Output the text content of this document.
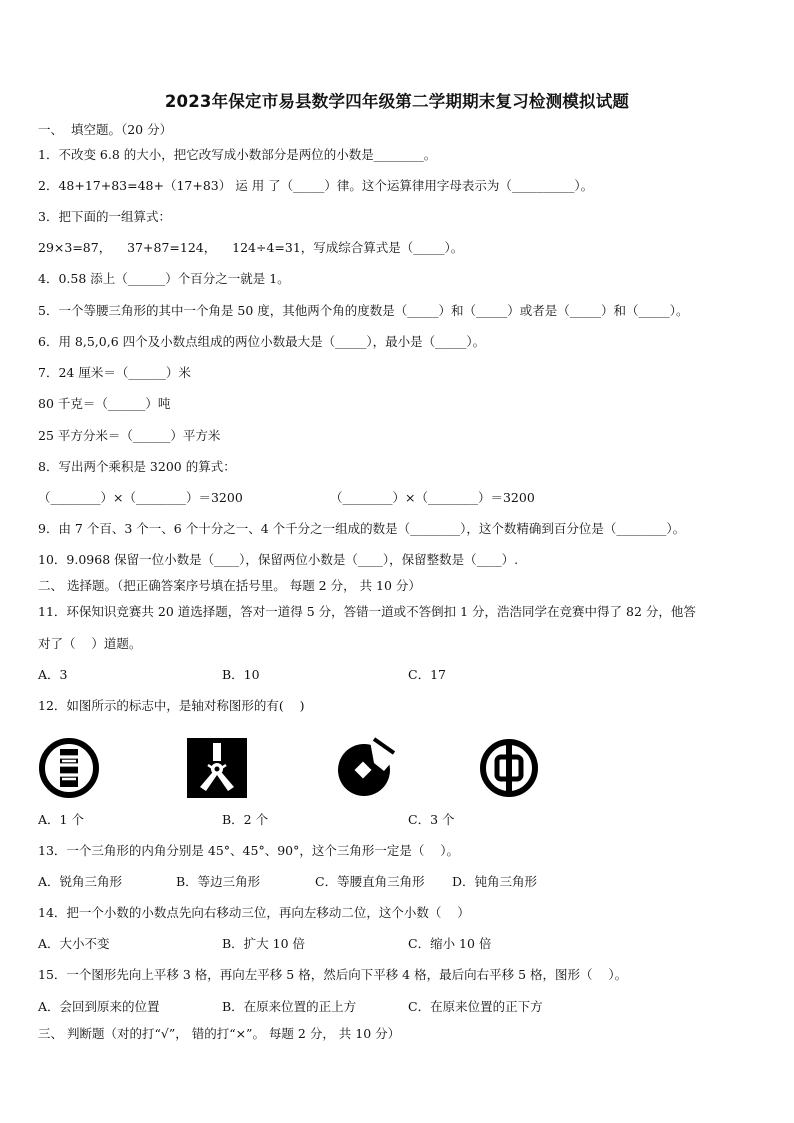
2023年保定市易县数学四年级第二学期期末复习检测模拟试题
一、  填空题。（20 分）
1．不改变 6.8 的大小，把它改写成小数部分是两位的小数是________。
2．48+17+83=48+（17+83） 运 用 了（_____）律。这个运算律用字母表示为（__________）。
3．把下面的一组算式：
29×3=87，    37+87=124，    124÷4=31，写成综合算式是（_____）。
4．0.58 添上（______）个百分之一就是 1。
5．一个等腰三角形的其中一个角是 50 度，其他两个角的度数是（_____）和（_____）或者是（_____）和（_____）。
6．用 8,5,0,6 四个及小数点组成的两位小数最大是（_____），最小是（_____）。
7．24 厘米＝（______）米
80 千克＝（______）吨
25 平方分米＝（______）平方米
8．写出两个乘积是 3200 的算式：
（________）×（________）＝3200	（________）×（________）＝3200
9．由 7 个百、3 个一、6 个十分之一、4 个千分之一组成的数是（________），这个数精确到百分位是（________）。
10．9.0968 保留一位小数是（____），保留两位小数是（____），保留整数是（____）.
二、 选择题。（把正确答案序号填在括号里。 每题 2 分， 共 10 分）
11．环保知识竞赛共 20 道选择题，答对一道得 5 分，答错一道或不答倒扣 1 分，浩浩同学在竞赛中得了 82 分，他答
对了（    ）道题。
A．3	B．10	C．17
12．如图所示的标志中，是轴对称图形的有(    )
A．1 个	B．2 个	C．3 个
13．一个三角形的内角分别是 45°、45°、90°，这个三角形一定是（    ）。
A．锐角三角形	B．等边三角形	C．等腰直角三角形 D．钝角三角形
14．把一个小数的小数点先向右移动三位，再向左移动二位，这个小数（    ）
A．大小不变	B．扩大 10 倍	C．缩小 10 倍
15．一个图形先向上平移 3 格，再向左平移 5 格，然后向下平移 4 格，最后向右平移 5 格，图形（    ）。
A．会回到原来的位置	B．在原来位置的正上方	C．在原来位置的正下方
三、 判断题（对的打“√”， 错的打“×”。 每题 2 分， 共 10 分）
